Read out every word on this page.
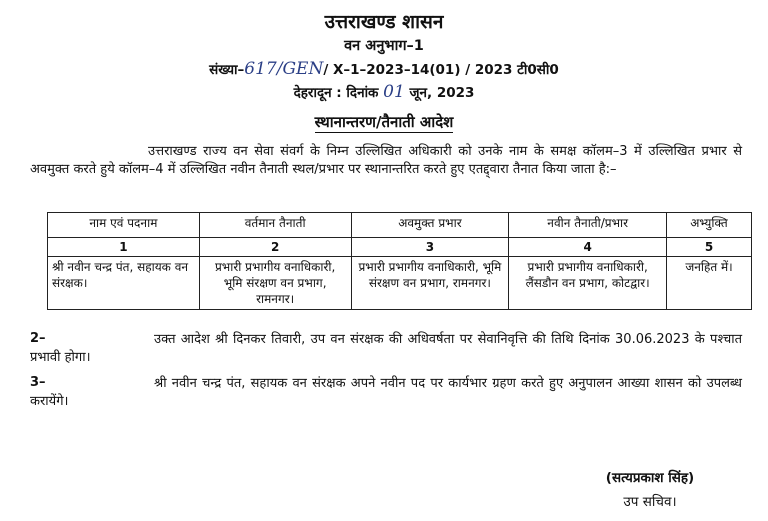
उत्तराखण्ड शासन
वन अनुभाग–1
संख्या–617/GEN/ X–1–2023–14(01) / 2023 टी0सी0
देहरादून : दिनांक 01 जून, 2023
स्थानान्तरण/तैनाती आदेश
उत्तराखण्ड राज्य वन सेवा संवर्ग के निम्न उल्लिखित अधिकारी को उनके नाम के समक्ष कॉलम–3 में उल्लिखित प्रभार से अवमुक्त करते हुये कॉलम–4 में उल्लिखित नवीन तैनाती स्थल/प्रभार पर स्थानान्तरित करते हुए एतद्द्वारा तैनात किया जाता है:–
नाम एवं पदनाम	वर्तमान तैनाती	अवमुक्त प्रभार	नवीन तैनाती/प्रभार	अभ्युक्ति
1	2	3	4	5
श्री नवीन चन्द्र पंत, सहायक वन संरक्षक।	प्रभारी प्रभागीय वनाधिकारी, भूमि संरक्षण वन प्रभाग, रामनगर।	प्रभारी प्रभागीय वनाधिकारी, भूमि संरक्षण वन प्रभाग, रामनगर।	प्रभारी प्रभागीय वनाधिकारी, लैंसडौन वन प्रभाग, कोटद्वार।	जनहित में।
2–	उक्त आदेश श्री दिनकर तिवारी, उप वन संरक्षक की अधिवर्षता पर सेवानिवृत्ति की तिथि दिनांक 30.06.2023 के पश्चात प्रभावी होगा।
3–	श्री नवीन चन्द्र पंत, सहायक वन संरक्षक अपने नवीन पद पर कार्यभार ग्रहण करते हुए अनुपालन आख्या शासन को उपलब्ध करायेंगे।
(सत्यप्रकाश सिंह)
उप सचिव।
